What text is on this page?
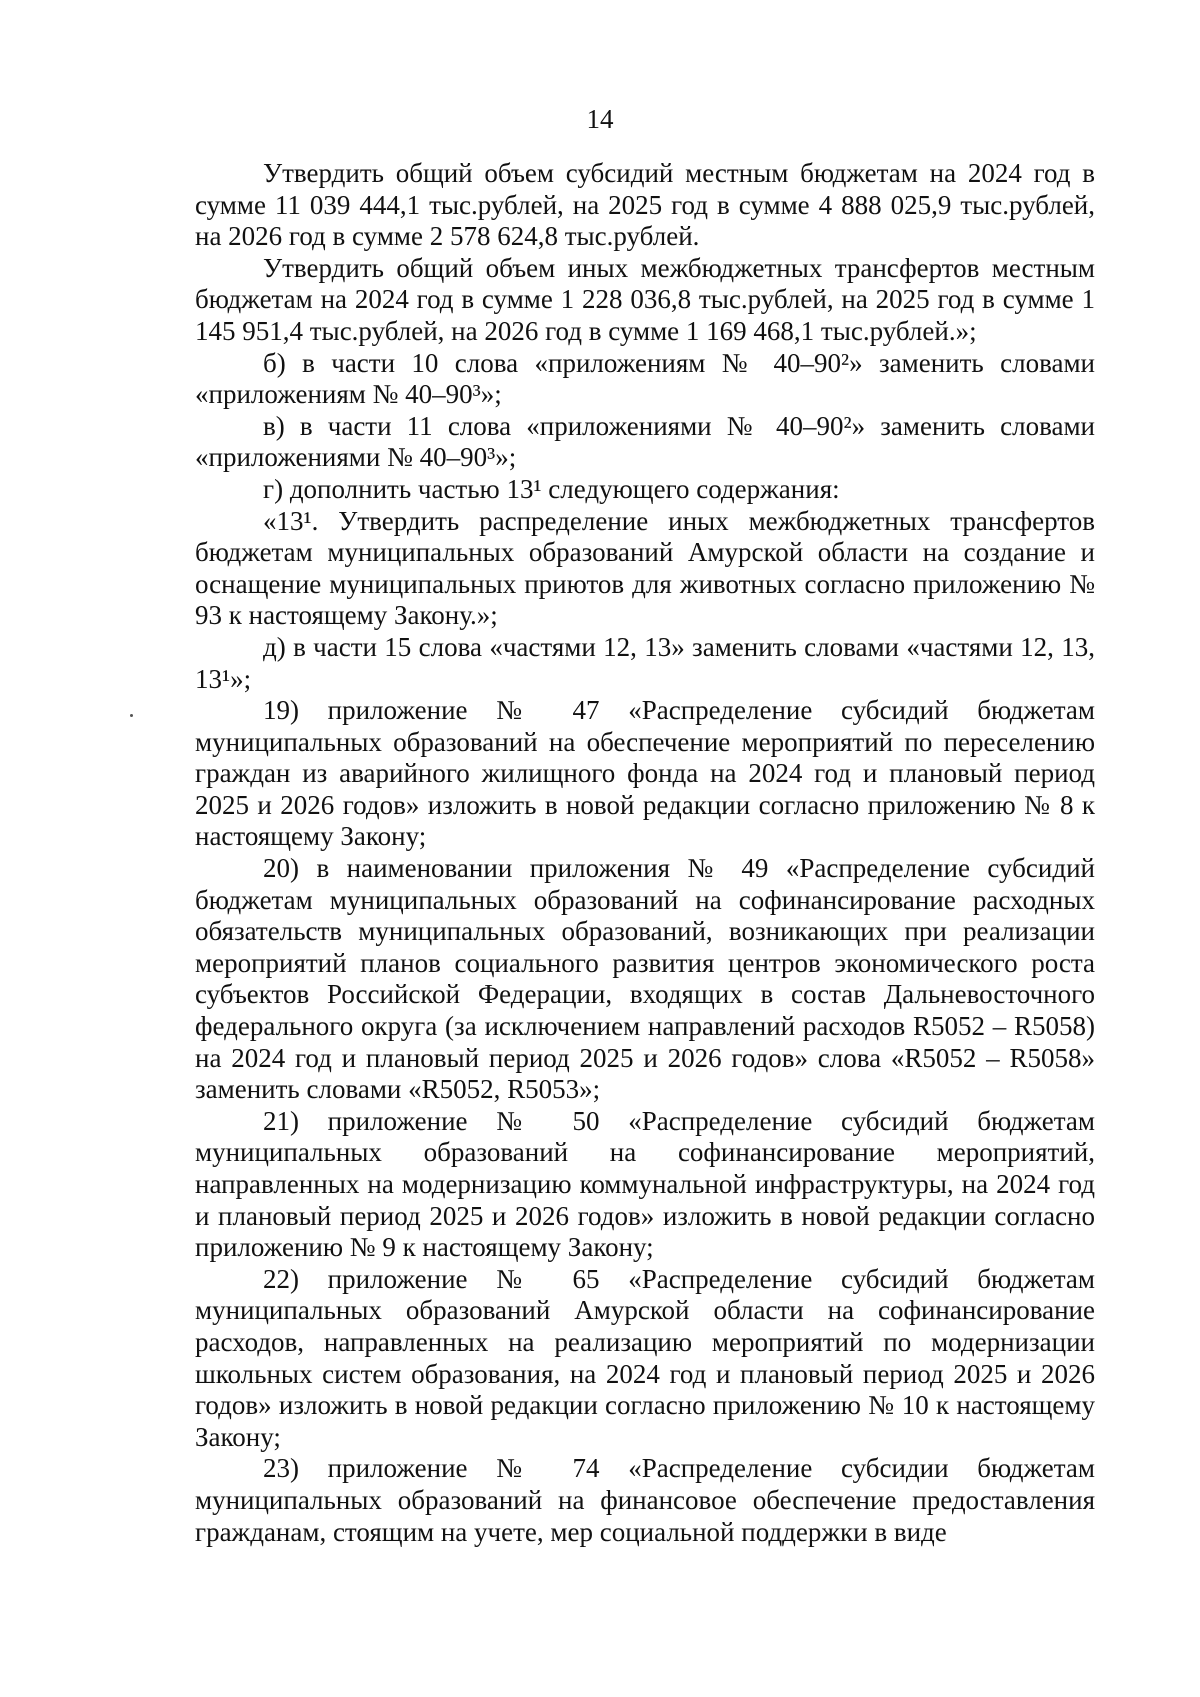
14

Утвердить общий объем субсидий местным бюджетам на 2024 год в сумме 11 039 444,1 тыс.рублей, на 2025 год в сумме 4 888 025,9 тыс.рублей, на 2026 год в сумме 2 578 624,8 тыс.рублей.

Утвердить общий объем иных межбюджетных трансфертов местным бюджетам на 2024 год в сумме 1 228 036,8 тыс.рублей, на 2025 год в сумме 1 145 951,4 тыс.рублей, на 2026 год в сумме 1 169 468,1 тыс.рублей.»;

б) в части 10 слова «приложениям № 40–90²» заменить словами «приложениям № 40–90³»;

в) в части 11 слова «приложениями № 40–90²» заменить словами «приложениями № 40–90³»;

г) дополнить частью 13¹ следующего содержания:

«13¹. Утвердить распределение иных межбюджетных трансфертов бюджетам муниципальных образований Амурской области на создание и оснащение муниципальных приютов для животных согласно приложению № 93 к настоящему Закону.»;

д) в части 15 слова «частями 12, 13» заменить словами «частями 12, 13, 13¹»;

19) приложение № 47 «Распределение субсидий бюджетам муниципальных образований на обеспечение мероприятий по переселению граждан из аварийного жилищного фонда на 2024 год и плановый период 2025 и 2026 годов» изложить в новой редакции согласно приложению № 8 к настоящему Закону;

20) в наименовании приложения № 49 «Распределение субсидий бюджетам муниципальных образований на софинансирование расходных обязательств муниципальных образований, возникающих при реализации мероприятий планов социального развития центров экономического роста субъектов Российской Федерации, входящих в состав Дальневосточного федерального округа (за исключением направлений расходов R5052 – R5058) на 2024 год и плановый период 2025 и 2026 годов» слова «R5052 – R5058» заменить словами «R5052, R5053»;

21) приложение № 50 «Распределение субсидий бюджетам муниципальных образований на софинансирование мероприятий, направленных на модернизацию коммунальной инфраструктуры, на 2024 год и плановый период 2025 и 2026 годов» изложить в новой редакции согласно приложению № 9 к настоящему Закону;

22) приложение № 65 «Распределение субсидий бюджетам муниципальных образований Амурской области на софинансирование расходов, направленных на реализацию мероприятий по модернизации школьных систем образования, на 2024 год и плановый период 2025 и 2026 годов» изложить в новой редакции согласно приложению № 10 к настоящему Закону;

23) приложение № 74 «Распределение субсидии бюджетам муниципальных образований на финансовое обеспечение предоставления гражданам, стоящим на учете, мер социальной поддержки в виде
